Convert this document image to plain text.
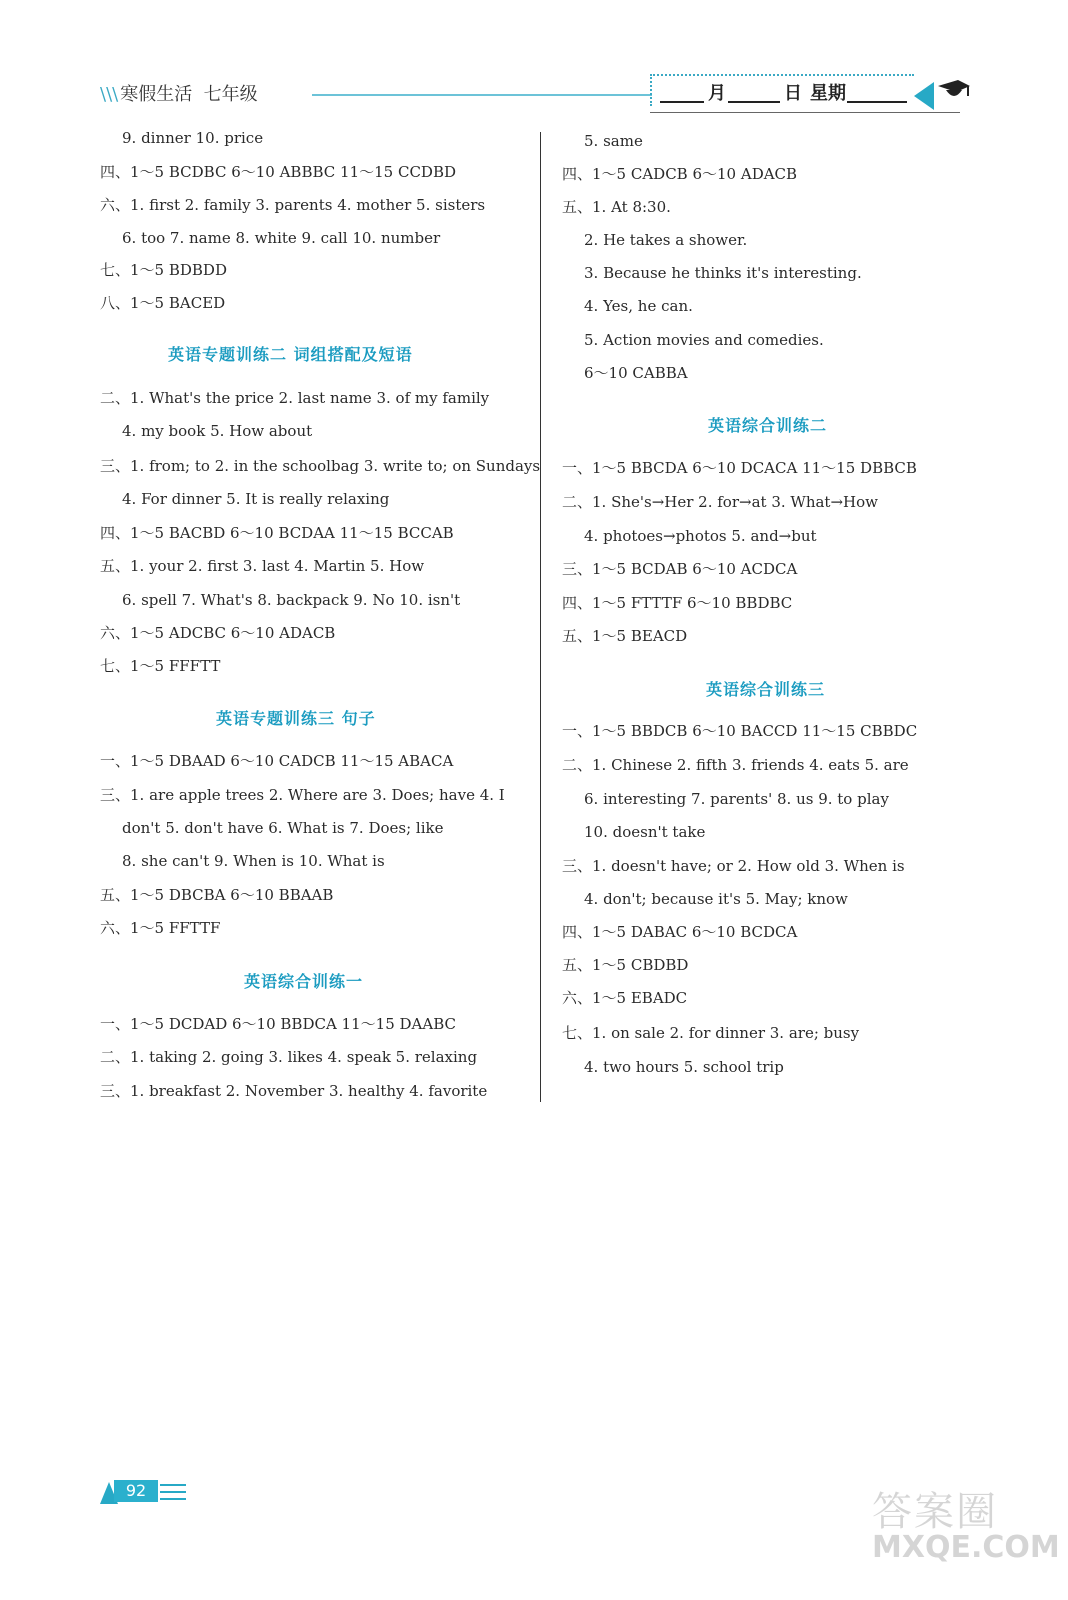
\\\ 寒假生活 七年级	月	日 星期
9. dinner 10. price
四、1～5 BCDBC 6～10 ABBBC 11～15 CCDBD
六、1. first 2. family 3. parents 4. mother 5. sisters
6. too 7. name 8. white 9. call 10. number
七、1～5 BDBDD
八、1～5 BACED
英语专题训练二 词组搭配及短语
二、1. What's the price 2. last name 3. of my family
4. my book 5. How about
三、1. from; to 2. in the schoolbag 3. write to; on Sundays
4. For dinner 5. It is really relaxing
四、1～5 BACBD 6～10 BCDAA 11～15 BCCAB
五、1. your 2. first 3. last 4. Martin 5. How
6. spell 7. What's 8. backpack 9. No 10. isn't
六、1～5 ADCBC 6～10 ADACB
七、1～5 FFFTT
英语专题训练三 句子
一、1～5 DBAAD 6～10 CADCB 11～15 ABACA
三、1. are apple trees 2. Where are 3. Does; have 4. I
don't 5. don't have 6. What is 7. Does; like
8. she can't 9. When is 10. What is
五、1～5 DBCBA 6～10 BBAAB
六、1～5 FFTTF
英语综合训练一
一、1～5 DCDAD 6～10 BBDCA 11～15 DAABC
二、1. taking 2. going 3. likes 4. speak 5. relaxing
三、1. breakfast 2. November 3. healthy 4. favorite
5. same
四、1～5 CADCB 6～10 ADACB
五、1. At 8:30.
2. He takes a shower.
3. Because he thinks it's interesting.
4. Yes, he can.
5. Action movies and comedies.
6～10 CABBA
英语综合训练二
一、1～5 BBCDA 6～10 DCACA 11～15 DBBCB
二、1. She's→Her 2. for→at 3. What→How
4. photoes→photos 5. and→but
三、1～5 BCDAB 6～10 ACDCA
四、1～5 FTTTF 6～10 BBDBC
五、1～5 BEACD
英语综合训练三
一、1～5 BBDCB 6～10 BACCD 11～15 CBBDC
二、1. Chinese 2. fifth 3. friends 4. eats 5. are
6. interesting 7. parents' 8. us 9. to play
10. doesn't take
三、1. doesn't have; or 2. How old 3. When is
4. don't; because it's 5. May; know
四、1～5 DABAC 6～10 BCDCA
五、1～5 CBDBD
六、1～5 EBADC
七、1. on sale 2. for dinner 3. are; busy
4. two hours 5. school trip
92	答案圈
MXQE.COM
